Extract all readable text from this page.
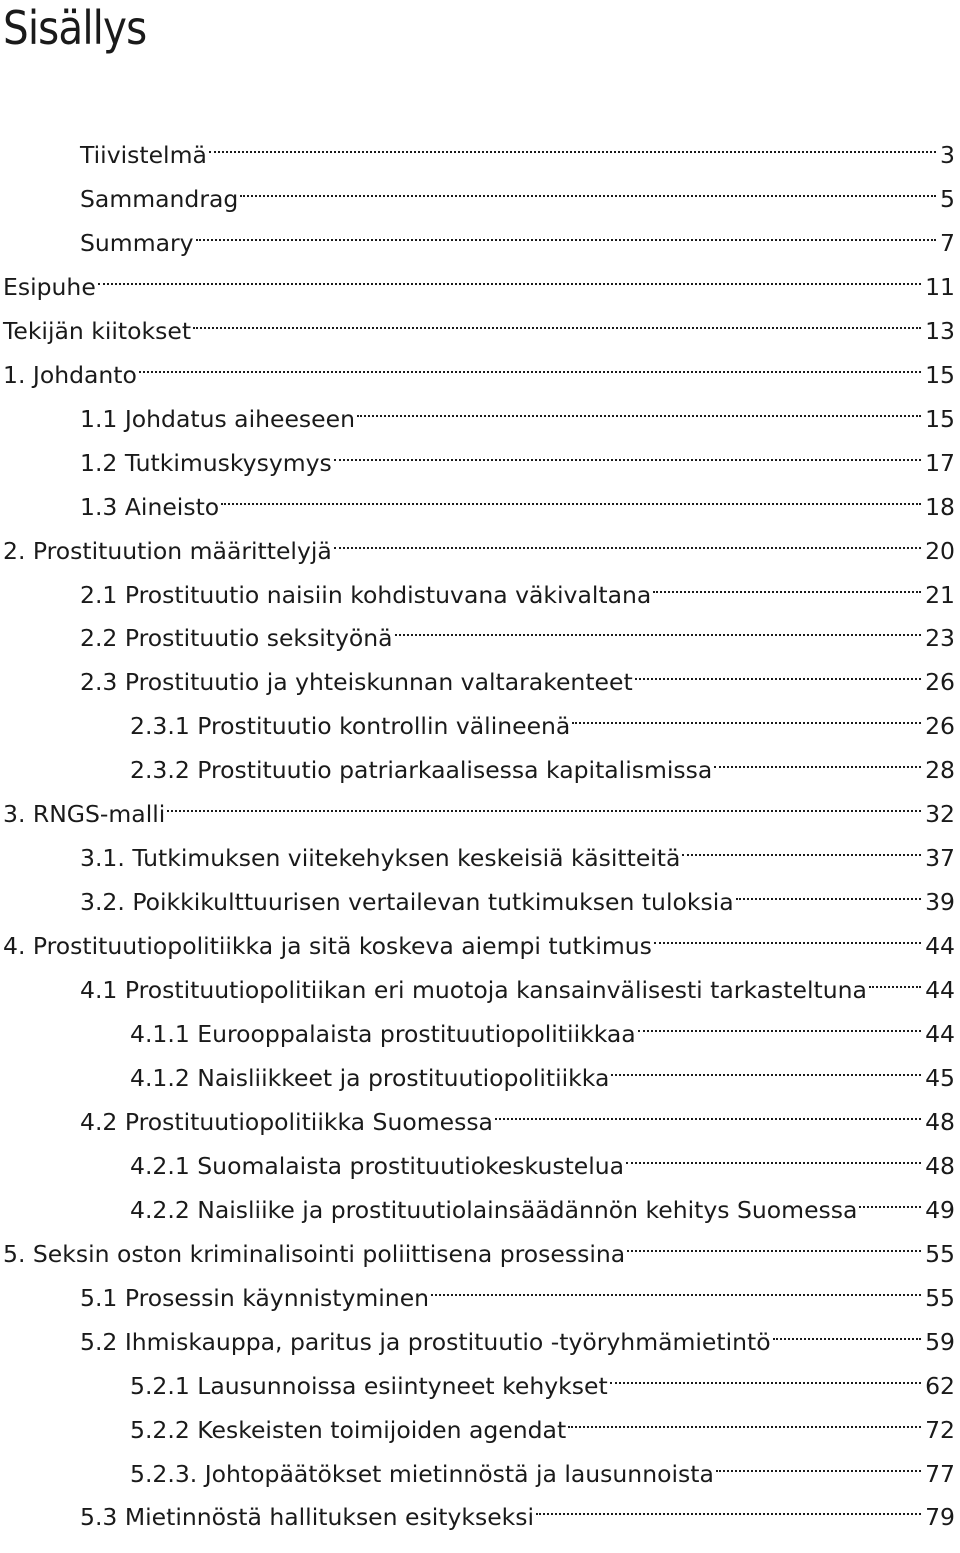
Sisällys
Tiivistelmä	3
Sammandrag	5
Summary	7
Esipuhe	11
Tekijän kiitokset	13
1. Johdanto	15
1.1 Johdatus aiheeseen	15
1.2 Tutkimuskysymys	17
1.3 Aineisto	18
2. Prostituution määrittelyjä	20
2.1 Prostituutio naisiin kohdistuvana väkivaltana	21
2.2 Prostituutio seksityönä	23
2.3 Prostituutio ja yhteiskunnan valtarakenteet	26
2.3.1 Prostituutio kontrollin välineenä	26
2.3.2 Prostituutio patriarkaalisessa kapitalismissa	28
3. RNGS-malli	32
3.1. Tutkimuksen viitekehyksen keskeisiä käsitteitä	37
3.2. Poikkikulttuurisen vertailevan tutkimuksen tuloksia	39
4. Prostituutiopolitiikka ja sitä koskeva aiempi tutkimus	44
4.1 Prostituutiopolitiikan eri muotoja kansainvälisesti tarkasteltuna 44
4.1.1 Eurooppalaista prostituutiopolitiikkaa	44
4.1.2 Naisliikkeet ja prostituutiopolitiikka	45
4.2 Prostituutiopolitiikka Suomessa	48
4.2.1 Suomalaista prostituutiokeskustelua	48
4.2.2 Naisliike ja prostituutiolainsäädännön kehitys Suomessa	49
5. Seksin oston kriminalisointi poliittisena prosessina	55
5.1 Prosessin käynnistyminen	55
5.2 Ihmiskauppa, paritus ja prostituutio -työryhmämietintö	59
5.2.1 Lausunnoissa esiintyneet kehykset	62
5.2.2 Keskeisten toimijoiden agendat	72
5.2.3. Johtopäätökset mietinnöstä ja lausunnoista	77
5.3 Mietinnöstä hallituksen esitykseksi	79
